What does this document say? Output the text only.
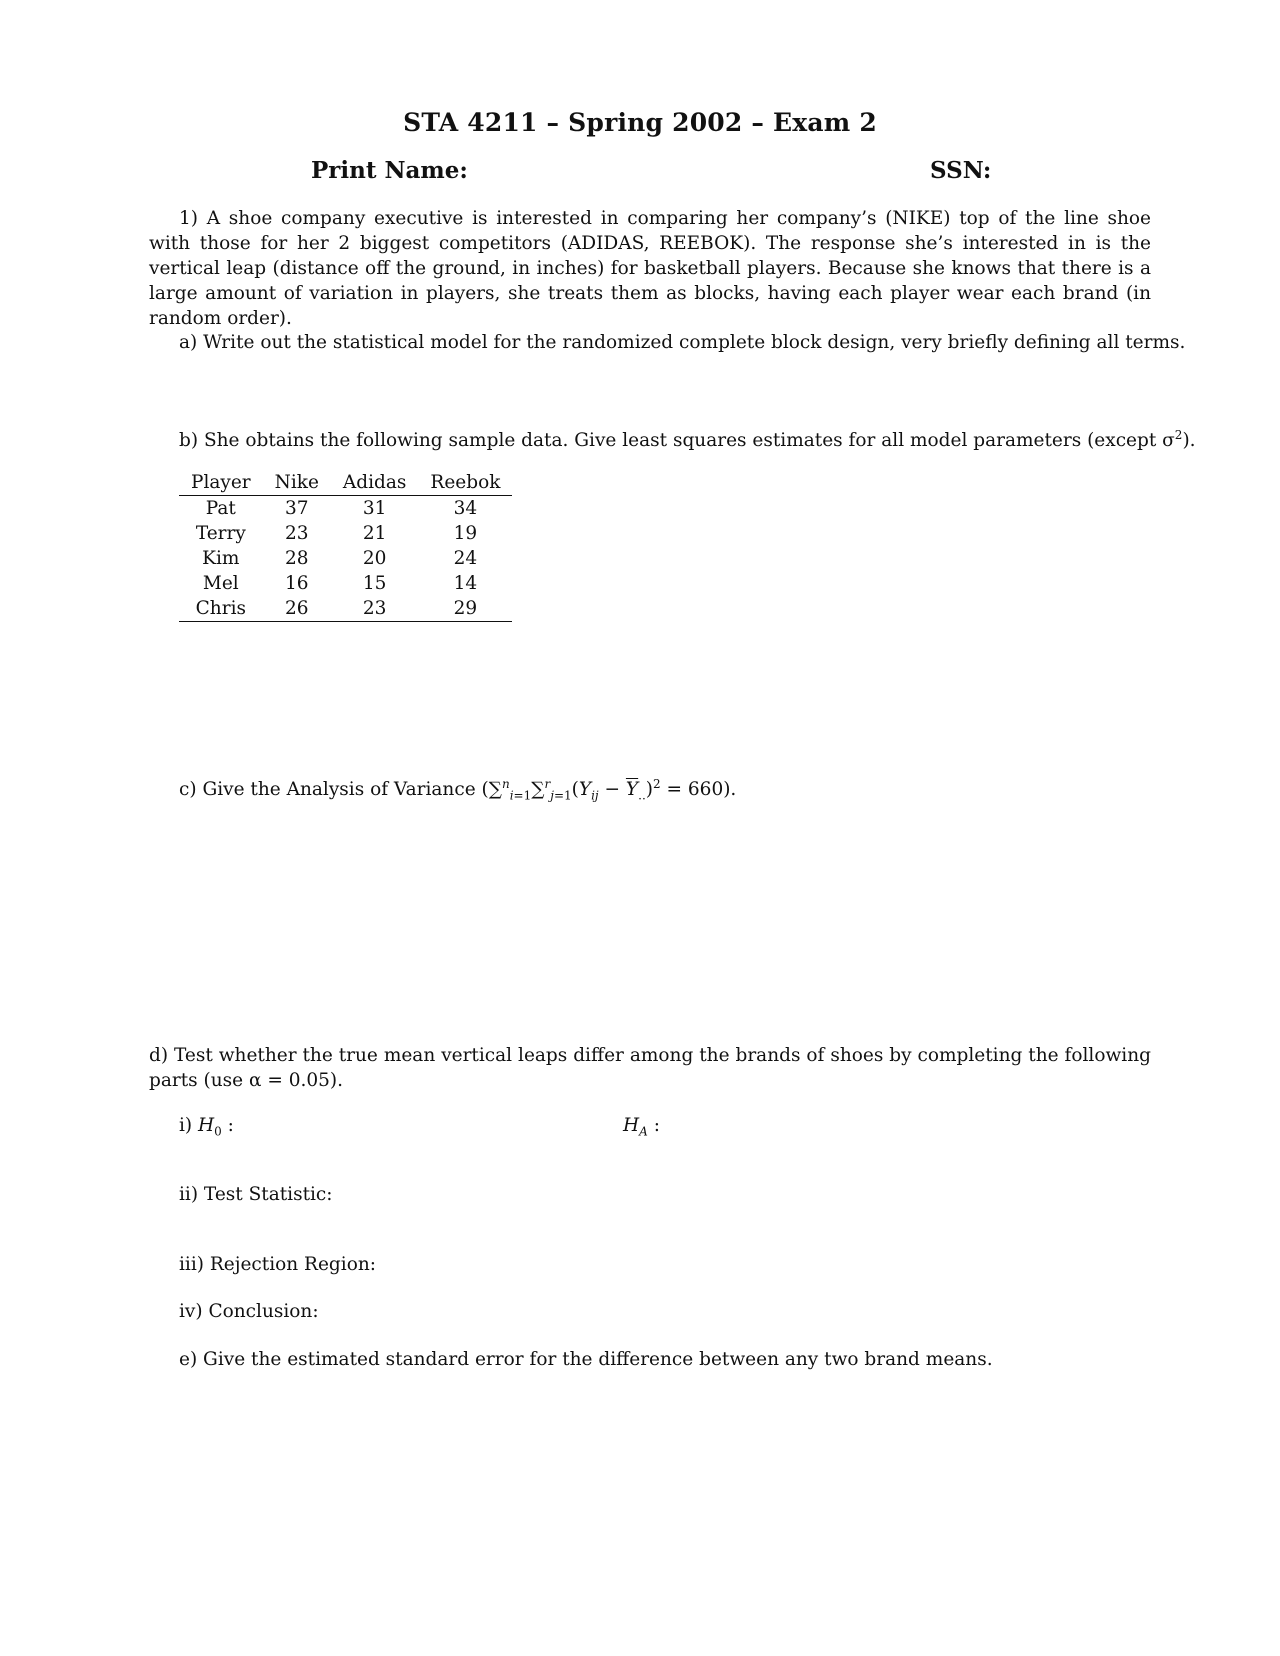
STA 4211 – Spring 2002 – Exam 2
Print Name:	SSN:
1) A shoe company executive is interested in comparing her company’s (NIKE) top of the line shoe with those for her 2 biggest competitors (ADIDAS, REEBOK). The response she’s interested in is the vertical leap (distance off the ground, in inches) for basketball players. Because she knows that there is a large amount of variation in players, she treats them as blocks, having each player wear each brand (in random order).
a) Write out the statistical model for the randomized complete block design, very briefly defining all terms.
b) She obtains the following sample data. Give least squares estimates for all model parameters (except $\sigma^2$).
Player	Nike	Adidas	Reebok
Pat	37	31	34
Terry	23	21	19
Kim	28	20	24
Mel	16	15	14
Chris	26	23	29
c) Give the Analysis of Variance $(\sum^n_{i=1}\sum^r_{j=1}(Y_{ij} - \overline{Y}_{..})^2 = 660)$.
d) Test whether the true mean vertical leaps differ among the brands of shoes by completing the following parts (use α = 0.05).
i) $H_0$ :	$H_A$ :
ii) Test Statistic:
iii) Rejection Region:
iv) Conclusion:
e) Give the estimated standard error for the difference between any two brand means.
